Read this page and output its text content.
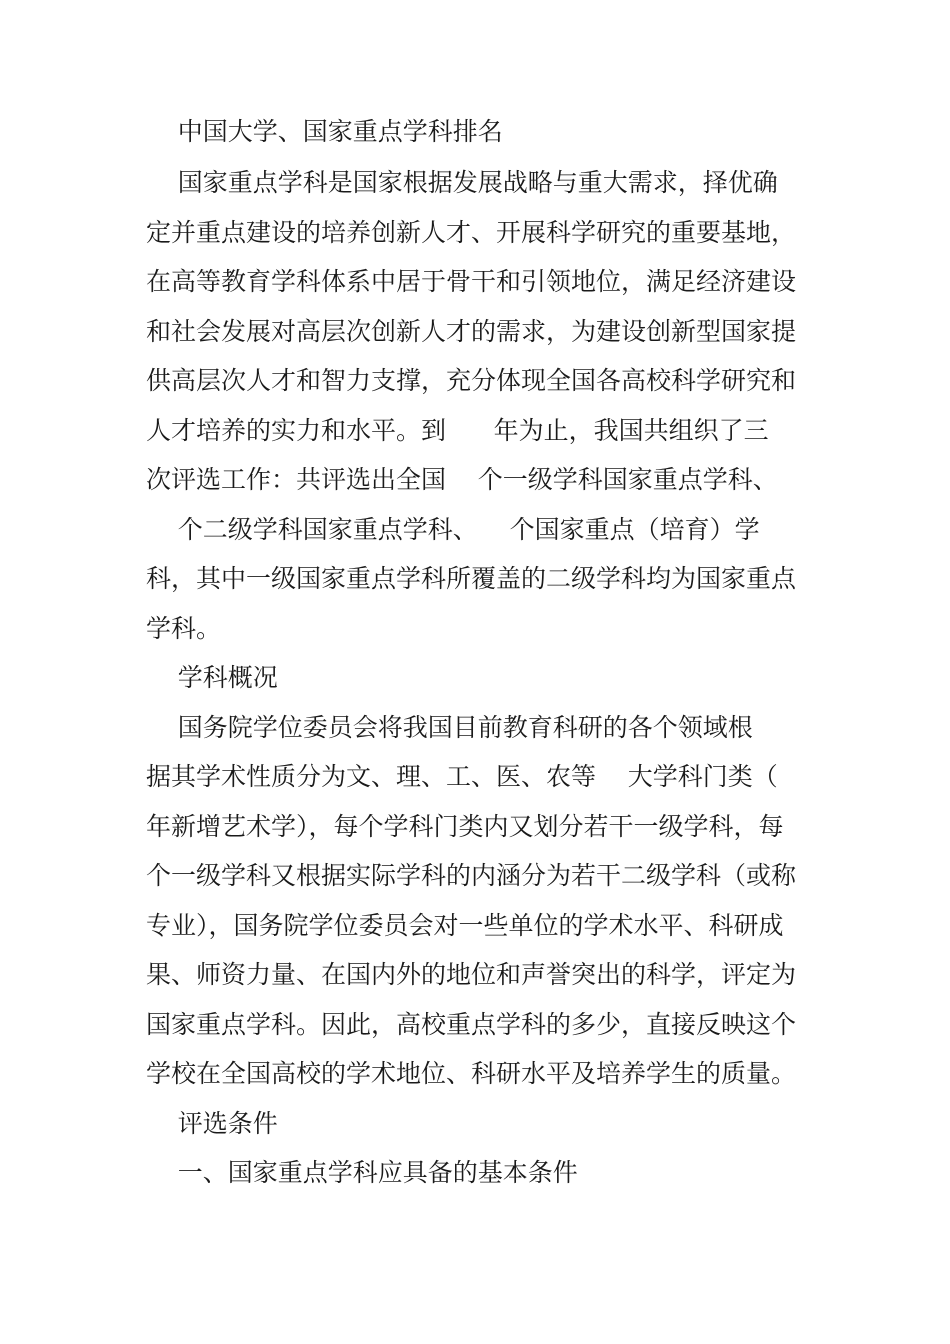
中国大学、国家重点学科排名

国家重点学科是国家根据发展战略与重大需求，择优确

定并重点建设的培养创新人才、开展科学研究的重要基地，

在高等教育学科体系中居于骨干和引领地位，满足经济建设

和社会发展对高层次创新人才的需求，为建设创新型国家提

供高层次人才和智力支撑，充分体现全国各高校科学研究和

人才培养的实力和水平。到      年为止，我国共组织了三

次评选工作：共评选出全国    个一级学科国家重点学科、

个二级学科国家重点学科、    个国家重点（培育）学

科，其中一级国家重点学科所覆盖的二级学科均为国家重点

学科。

学科概况

国务院学位委员会将我国目前教育科研的各个领域根

据其学术性质分为文、理、工、医、农等    大学科门类（

年新增艺术学），每个学科门类内又划分若干一级学科，每

个一级学科又根据实际学科的内涵分为若干二级学科（或称

专业），国务院学位委员会对一些单位的学术水平、科研成

果、师资力量、在国内外的地位和声誉突出的科学，评定为

国家重点学科。因此，高校重点学科的多少，直接反映这个

学校在全国高校的学术地位、科研水平及培养学生的质量。

评选条件

一、国家重点学科应具备的基本条件
